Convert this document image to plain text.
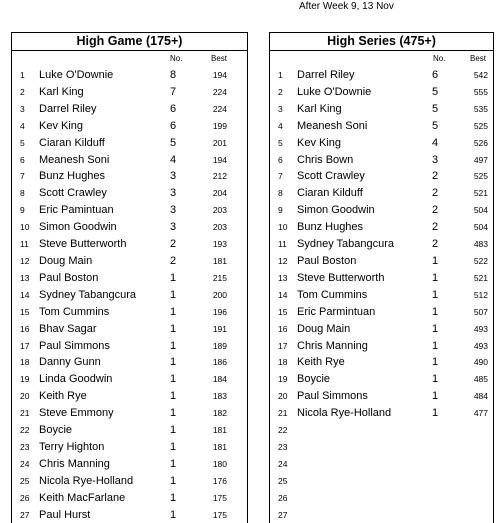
After Week 9, 13 Nov
High Game (175+)
No.	Best
1 Luke O'Downie	8	194
2 Karl King	7	224
3 Darrel Riley	6	224
4 Kev King	6	199
5 Ciaran Kilduff	5	201
6 Meanesh Soni	4	194
7 Bunz Hughes	3	212
8 Scott Crawley	3	204
9 Eric Pamintuan	3	203
10 Simon Goodwin	3	203
11 Steve Butterworth	2	193
12 Doug Main	2	181
13 Paul Boston	1	215
14 Sydney Tabangcura	1	200
15 Tom Cummins	1	196
16 Bhav Sagar	1	191
17 Paul Simmons	1	189
18 Danny Gunn	1	186
19 Linda Goodwin	1	184
20 Keith Rye	1	183
21 Steve Emmony	1	182
22 Boycie	1	181
23 Terry Highton	1	181
24 Chris Manning	1	180
25 Nicola Rye-Holland	1	176
26 Keith MacFarlane	1	175
27 Paul Hurst	1	175
High Series (475+)
No.	Best
1 Darrel Riley	6	542
2 Luke O'Downie	5	555
3 Karl King	5	535
4 Meanesh Soni	5	525
5 Kev King	4	526
6 Chris Bown	3	497
7 Scott Crawley	2	525
8 Ciaran Kilduff	2	521
9 Simon Goodwin	2	504
10 Bunz Hughes	2	504
11 Sydney Tabangcura	2	483
12 Paul Boston	1	522
13 Steve Butterworth	1	521
14 Tom Cummins	1	512
15 Eric Parmintuan	1	507
16 Doug Main	1	493
17 Chris Manning	1	493
18 Keith Rye	1	490
19 Boycie	1	485
20 Paul Simmons	1	484
21 Nicola Rye-Holland	1	477
22
23
24
25
26
27
